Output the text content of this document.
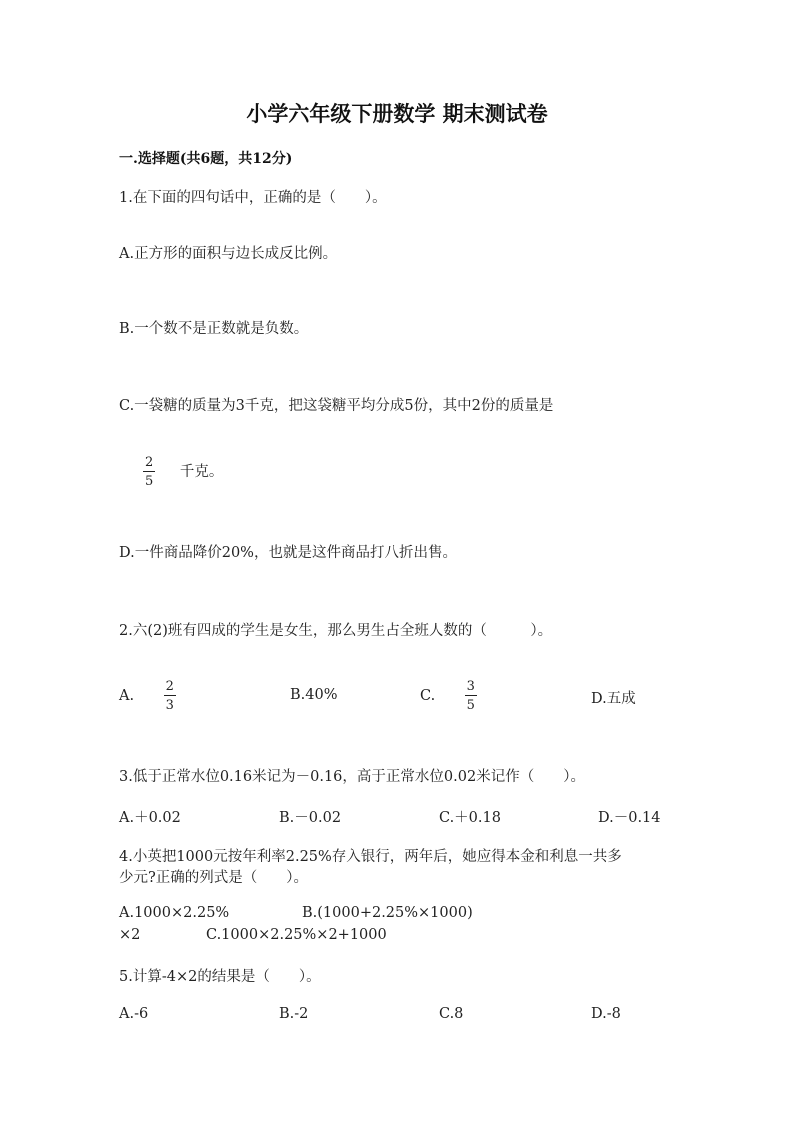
小学六年级下册数学 期末测试卷
一.选择题(共6题，共12分)
1.在下面的四句话中，正确的是（　　）。
A.正方形的面积与边长成反比例。
B.一个数不是正数就是负数。
C.一袋糖的质量为3千克，把这袋糖平均分成5份，其中2份的质量是
$\frac{2}{5}$ 千克。
D.一件商品降价20%，也就是这件商品打八折出售。
2.六(2)班有四成的学生是女生，那么男生占全班人数的（　　　）。
A. $\frac{2}{3}$	B.40%	C. $\frac{3}{5}$	D.五成
3.低于正常水位0.16米记为－0.16，高于正常水位0.02米记作（　　）。
A.＋0.02	B.－0.02	C.＋0.18	D.－0.14
4.小英把1000元按年利率2.25%存入银行，两年后，她应得本金和利息一共多
少元?正确的列式是（　　）。
A.1000×2.25%	B.(1000+2.25%×1000)
×2	C.1000×2.25%×2+1000
5.计算-4×2的结果是（　　）。
A.-6	B.-2	C.8	D.-8
